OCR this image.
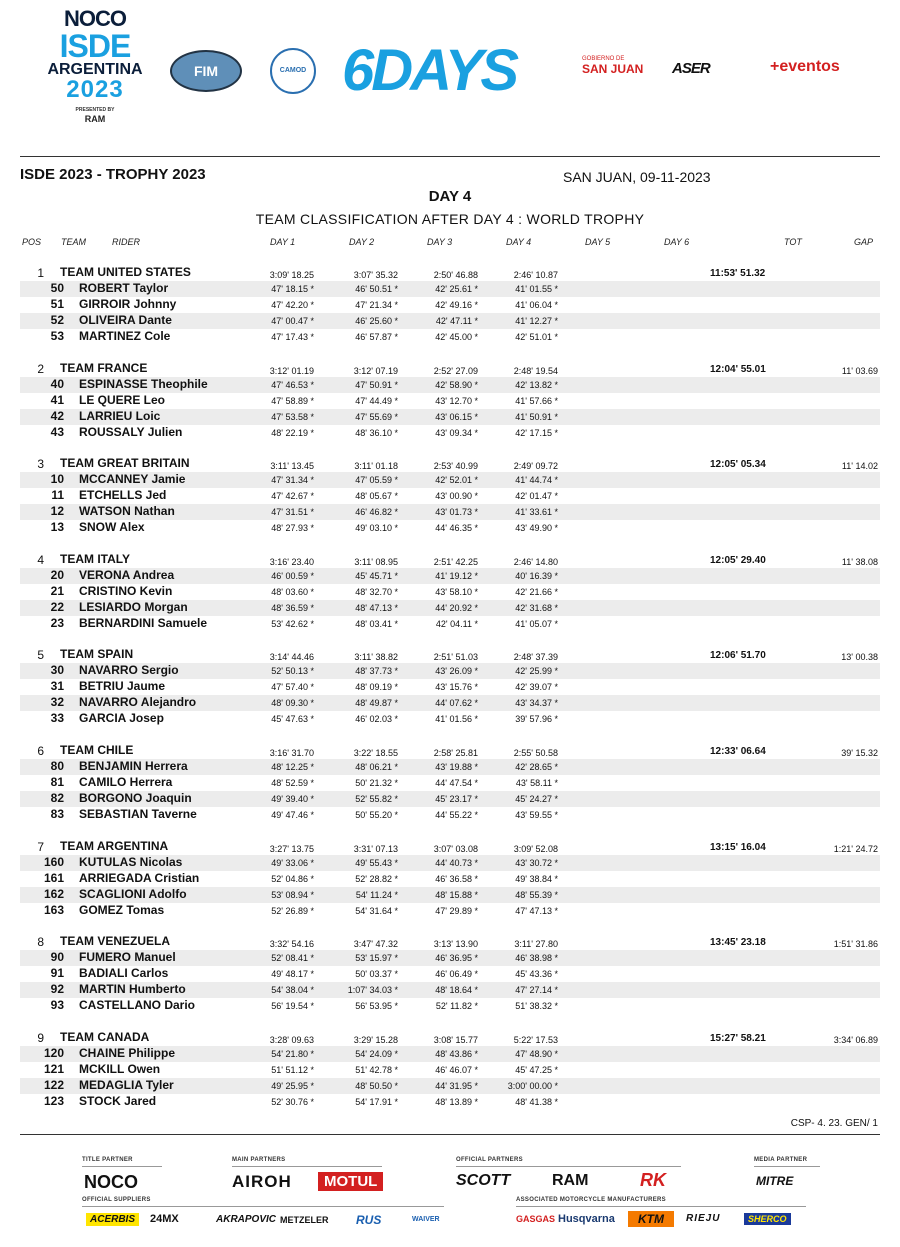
NOCO
ISDE
ARGENTINA
2023
PRESENTED BY
RAM
FIM	CAMOD 6DAYS	GOBIERNO DE
SAN JUAN ASER	+eventos
ISDE 2023 - TROPHY 2023	SAN JUAN, 09-11-2023
DAY 4
TEAM CLASSIFICATION AFTER DAY 4 : WORLD TROPHY
POS TEAM	RIDER	DAY 1	DAY 2	DAY 3	DAY 4	DAY 5	DAY 6	TOT	GAP
1 TEAM UNITED STATES	3:09' 18.25	3:07' 35.32	2:50' 46.88	2:46' 10.87	11:53' 51.32
50 ROBERT Taylor	47' 18.15 *	46' 50.51 *	42' 25.61 *	41' 01.55 *
51 GIRROIR Johnny	47' 42.20 *	47' 21.34 *	42' 49.16 *	41' 06.04 *
52 OLIVEIRA Dante	47' 00.47 *	46' 25.60 *	42' 47.11 *	41' 12.27 *
53 MARTINEZ Cole	47' 17.43 *	46' 57.87 *	42' 45.00 *	42' 51.01 *
2 TEAM FRANCE	3:12' 01.19	3:12' 07.19	2:52' 27.09	2:48' 19.54	12:04' 55.01	11' 03.69
40 ESPINASSE Theophile	47' 46.53 *	47' 50.91 *	42' 58.90 *	42' 13.82 *
41 LE QUERE Leo	47' 58.89 *	47' 44.49 *	43' 12.70 *	41' 57.66 *
42 LARRIEU Loic	47' 53.58 *	47' 55.69 *	43' 06.15 *	41' 50.91 *
43 ROUSSALY Julien	48' 22.19 *	48' 36.10 *	43' 09.34 *	42' 17.15 *
3 TEAM GREAT BRITAIN	3:11' 13.45	3:11' 01.18	2:53' 40.99	2:49' 09.72	12:05' 05.34	11' 14.02
10 MCCANNEY Jamie	47' 31.34 *	47' 05.59 *	42' 52.01 *	41' 44.74 *
11 ETCHELLS Jed	47' 42.67 *	48' 05.67 *	43' 00.90 *	42' 01.47 *
12 WATSON Nathan	47' 31.51 *	46' 46.82 *	43' 01.73 *	41' 33.61 *
13 SNOW Alex	48' 27.93 *	49' 03.10 *	44' 46.35 *	43' 49.90 *
4 TEAM ITALY	3:16' 23.40	3:11' 08.95	2:51' 42.25	2:46' 14.80	12:05' 29.40	11' 38.08
20 VERONA Andrea	46' 00.59 *	45' 45.71 *	41' 19.12 *	40' 16.39 *
21 CRISTINO Kevin	48' 03.60 *	48' 32.70 *	43' 58.10 *	42' 21.66 *
22 LESIARDO Morgan	48' 36.59 *	48' 47.13 *	44' 20.92 *	42' 31.68 *
23 BERNARDINI Samuele	53' 42.62 *	48' 03.41 *	42' 04.11 *	41' 05.07 *
5 TEAM SPAIN	3:14' 44.46	3:11' 38.82	2:51' 51.03	2:48' 37.39	12:06' 51.70	13' 00.38
30 NAVARRO Sergio	52' 50.13 *	48' 37.73 *	43' 26.09 *	42' 25.99 *
31 BETRIU Jaume	47' 57.40 *	48' 09.19 *	43' 15.76 *	42' 39.07 *
32 NAVARRO Alejandro	48' 09.30 *	48' 49.87 *	44' 07.62 *	43' 34.37 *
33 GARCIA Josep	45' 47.63 *	46' 02.03 *	41' 01.56 *	39' 57.96 *
6 TEAM CHILE	3:16' 31.70	3:22' 18.55	2:58' 25.81	2:55' 50.58	12:33' 06.64	39' 15.32
80 BENJAMIN Herrera	48' 12.25 *	48' 06.21 *	43' 19.88 *	42' 28.65 *
81 CAMILO Herrera	48' 52.59 *	50' 21.32 *	44' 47.54 *	43' 58.11 *
82 BORGONO Joaquin	49' 39.40 *	52' 55.82 *	45' 23.17 *	45' 24.27 *
83 SEBASTIAN Taverne	49' 47.46 *	50' 55.20 *	44' 55.22 *	43' 59.55 *
7 TEAM ARGENTINA	3:27' 13.75	3:31' 07.13	3:07' 03.08	3:09' 52.08	13:15' 16.04	1:21' 24.72
160 KUTULAS Nicolas	49' 33.06 *	49' 55.43 *	44' 40.73 *	43' 30.72 *
161 ARRIEGADA Cristian	52' 04.86 *	52' 28.82 *	46' 36.58 *	49' 38.84 *
162 SCAGLIONI Adolfo	53' 08.94 *	54' 11.24 *	48' 15.88 *	48' 55.39 *
163 GOMEZ Tomas	52' 26.89 *	54' 31.64 *	47' 29.89 *	47' 47.13 *
8 TEAM VENEZUELA	3:32' 54.16	3:47' 47.32	3:13' 13.90	3:11' 27.80	13:45' 23.18	1:51' 31.86
90 FUMERO Manuel	52' 08.41 *	53' 15.97 *	46' 36.95 *	46' 38.98 *
91 BADIALI Carlos	49' 48.17 *	50' 03.37 *	46' 06.49 *	45' 43.36 *
92 MARTIN Humberto	54' 38.04 *	1:07' 34.03 *	48' 18.64 *	47' 27.14 *
93 CASTELLANO Dario	56' 19.54 *	56' 53.95 *	52' 11.82 *	51' 38.32 *
9 TEAM CANADA	3:28' 09.63	3:29' 15.28	3:08' 15.77	5:22' 17.53	15:27' 58.21	3:34' 06.89
120 CHAINE Philippe	54' 21.80 *	54' 24.09 *	48' 43.86 *	47' 48.90 *
121 MCKILL Owen	51' 51.12 *	51' 42.78 *	46' 46.07 *	45' 47.25 *
122 MEDAGLIA Tyler	49' 25.95 *	48' 50.50 *	44' 31.95 *	3:00' 00.00 *
123 STOCK Jared	52' 30.76 *	54' 17.91 *	48' 13.89 *	48' 41.38 *
CSP- 4. 23. GEN/ 1
TITLE PARTNER	MAIN PARTNERS	OFFICIAL PARTNERS	MEDIA PARTNER
NOCO	AIROH	MOTUL	SCOTT	RAM	RK	MITRE
OFFICIAL SUPPLIERS	ASSOCIATED MOTORCYCLE MANUFACTURERS
ACERBIS	24MX	AKRAPOVIC METZELER RUS	WAIVER	GASGAS Husqvarna	KTM	RIEJU	SHERCO
